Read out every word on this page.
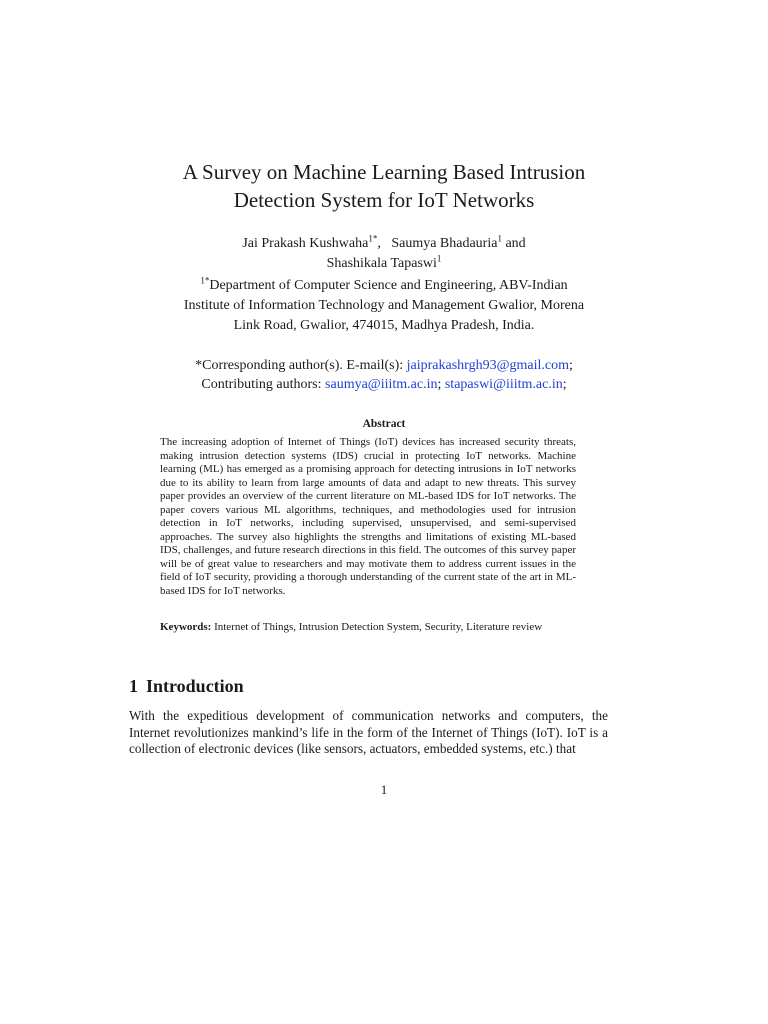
A Survey on Machine Learning Based Intrusion
Detection System for IoT Networks
Jai Prakash Kushwaha$^{1*}$, Saumya Bhadauria$^1$ and
Shashikala Tapaswi$^1$
$^{1*}$Department of Computer Science and Engineering, ABV-Indian
Institute of Information Technology and Management Gwalior, Morena
Link Road, Gwalior, 474015, Madhya Pradesh, India.
*Corresponding author(s). E-mail(s): jaiprakashrgh93@gmail.com;
Contributing authors: saumya@iiitm.ac.in; stapaswi@iiitm.ac.in;
Abstract
The increasing adoption of Internet of Things (IoT) devices has increased security threats, making intrusion detection systems (IDS) crucial in protecting IoT networks. Machine learning (ML) has emerged as a promising approach for detecting intrusions in IoT networks due to its ability to learn from large amounts of data and adapt to new threats. This survey paper provides an overview of the current literature on ML-based IDS for IoT networks. The paper covers various ML algorithms, techniques, and methodologies used for intrusion detection in IoT networks, including supervised, unsupervised, and semi-supervised approaches. The survey also highlights the strengths and limitations of existing ML-based IDS, challenges, and future research directions in this field. The outcomes of this survey paper will be of great value to researchers and may motivate them to address current issues in the field of IoT security, providing a thorough understanding of the current state of the art in ML-based IDS for IoT networks.
Keywords: Internet of Things, Intrusion Detection System, Security, Literature review
1 Introduction
With the expeditious development of communication networks and computers, the Internet revolutionizes mankind’s life in the form of the Internet of Things (IoT). IoT is a collection of electronic devices (like sensors, actuators, embedded systems, etc.) that
1
